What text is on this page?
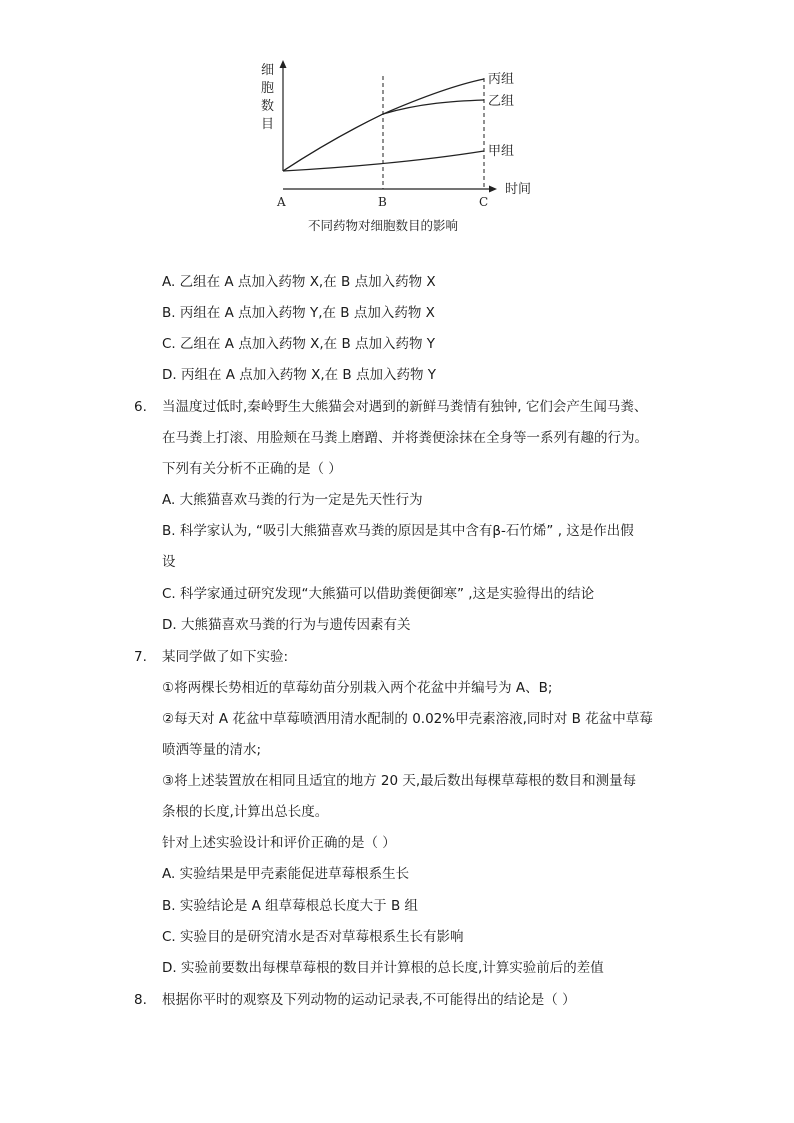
细
胞
数
目
时间
A	B	C
丙组
乙组
甲组
不同药物对细胞数目的影响
A. 乙组在 A 点加入药物 X,在 B 点加入药物 X
B. 丙组在 A 点加入药物 Y,在 B 点加入药物 X
C. 乙组在 A 点加入药物 X,在 B 点加入药物 Y
D. 丙组在 A 点加入药物 X,在 B 点加入药物 Y
6. 当温度过低时,秦岭野生大熊猫会对遇到的新鲜马粪情有独钟, 它们会产生闻马粪、
在马粪上打滚、用脸颊在马粪上磨蹭、并将粪便涂抹在全身等一系列有趣的行为。
下列有关分析不正确的是（ ）
A. 大熊猫喜欢马粪的行为一定是先天性行为
B. 科学家认为, “吸引大熊猫喜欢马粪的原因是其中含有β-石竹烯” , 这是作出假
设
C. 科学家通过研究发现“大熊猫可以借助粪便御寒” ,这是实验得出的结论
D. 大熊猫喜欢马粪的行为与遗传因素有关
7. 某同学做了如下实验:
①将两棵长势相近的草莓幼苗分别栽入两个花盆中并编号为 A、B;
②每天对 A 花盆中草莓喷洒用清水配制的 0.02%甲壳素溶液,同时对 B 花盆中草莓
喷洒等量的清水;
③将上述装置放在相同且适宜的地方 20 天,最后数出每棵草莓根的数目和测量每
条根的长度,计算出总长度。
针对上述实验设计和评价正确的是（ ）
A. 实验结果是甲壳素能促进草莓根系生长
B. 实验结论是 A 组草莓根总长度大于 B 组
C. 实验目的是研究清水是否对草莓根系生长有影响
D. 实验前要数出每棵草莓根的数目并计算根的总长度,计算实验前后的差值
8. 根据你平时的观察及下列动物的运动记录表,不可能得出的结论是（ ）
